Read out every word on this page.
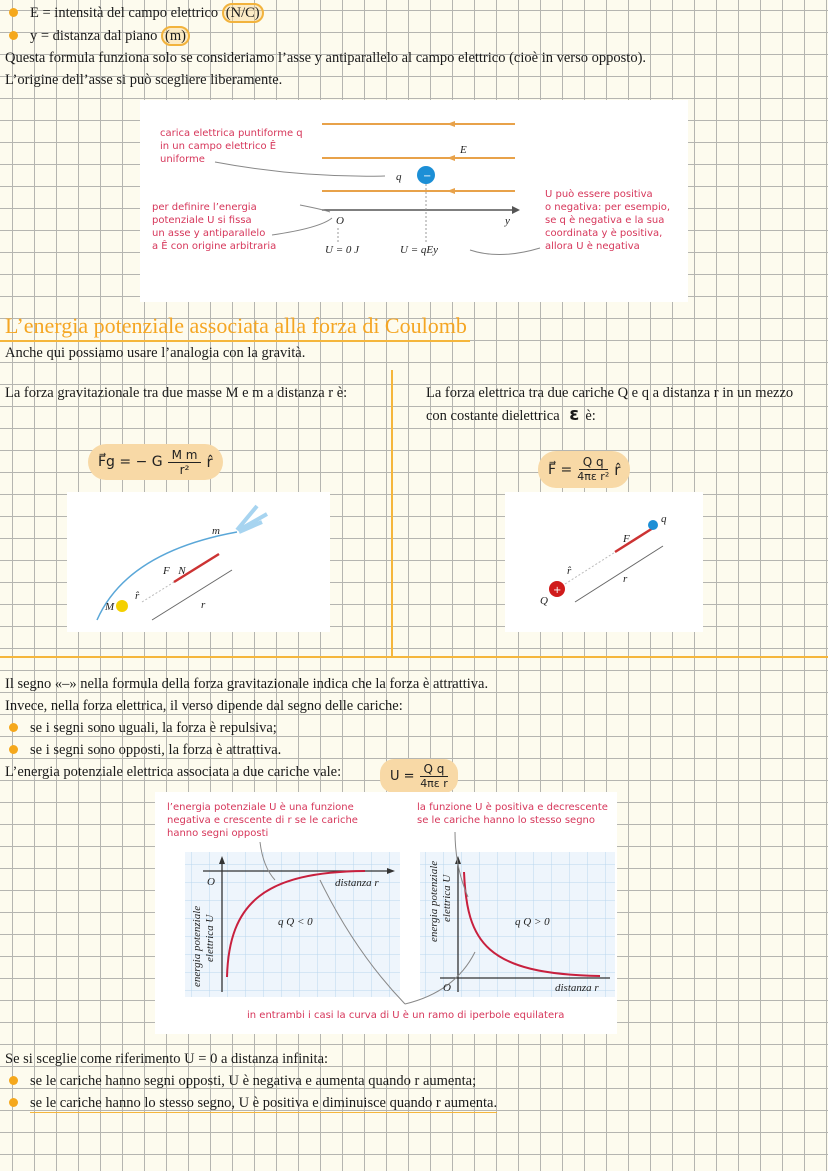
E = intensità del campo elettrico (N/C)
y = distanza dal piano (m)
Questa formula funziona solo se consideriamo l’asse y antiparallelo al campo elettrico (cioè in verso opposto).
L’origine dell’asse si può scegliere liberamente.
E
−
q
O	y
U = 0 J	U = qEy
carica elettrica puntiforme q in un campo elettrico Ê uniforme
per definire l’energia potenziale U si fissa un asse y antiparallelo a Ê con origine arbitraria
U può essere positiva o negativa: per esempio, se q è negativa e la sua coordinata y è positiva, allora U è negativa
L’energia potenziale associata alla forza di Coulomb
Anche qui possiamo usare l’analogia con la gravità.
La forza gravitazionale tra due masse M e m a distanza r è:
F⃗g = − G $\frac{\text{M m}}{\text{r²}}$ r̂
m
F⃗N
r̂
r
M
La forza elettrica tra due cariche Q e q a distanza r in un mezzo
con costante dielettrica ε è:
F⃗ = $\frac{\text{Q q}}{\text{4πε r²}}$ r̂
+
q
F⃗
r̂
r
Q
Il segno «–» nella formula della forza gravitazionale indica che la forza è attrattiva.
Invece, nella forza elettrica, il verso dipende dal segno delle cariche:
se i segni sono uguali, la forza è repulsiva;
se i segni sono opposti, la forza è attrattiva.
L’energia potenziale elettrica associata a due cariche vale:	$U = \frac{\text{Q q}}{\text{4πε r}}$
l’energia potenziale U è una funzione negativa e crescente di r se le cariche hanno segni opposti
la funzione U è positiva e decrescente se le cariche hanno lo stesso segno
in entrambi i casi la curva di U è un ramo di iperbole equilatera
O	distanza r
q Q < 0
energia potenziale elettrica U
O	distanza r
q Q > 0
energia potenziale elettrica U
Se si sceglie come riferimento U = 0 a distanza infinita:
se le cariche hanno segni opposti, U è negativa e aumenta quando r aumenta;
se le cariche hanno lo stesso segno, U è positiva e diminuisce quando r aumenta.
